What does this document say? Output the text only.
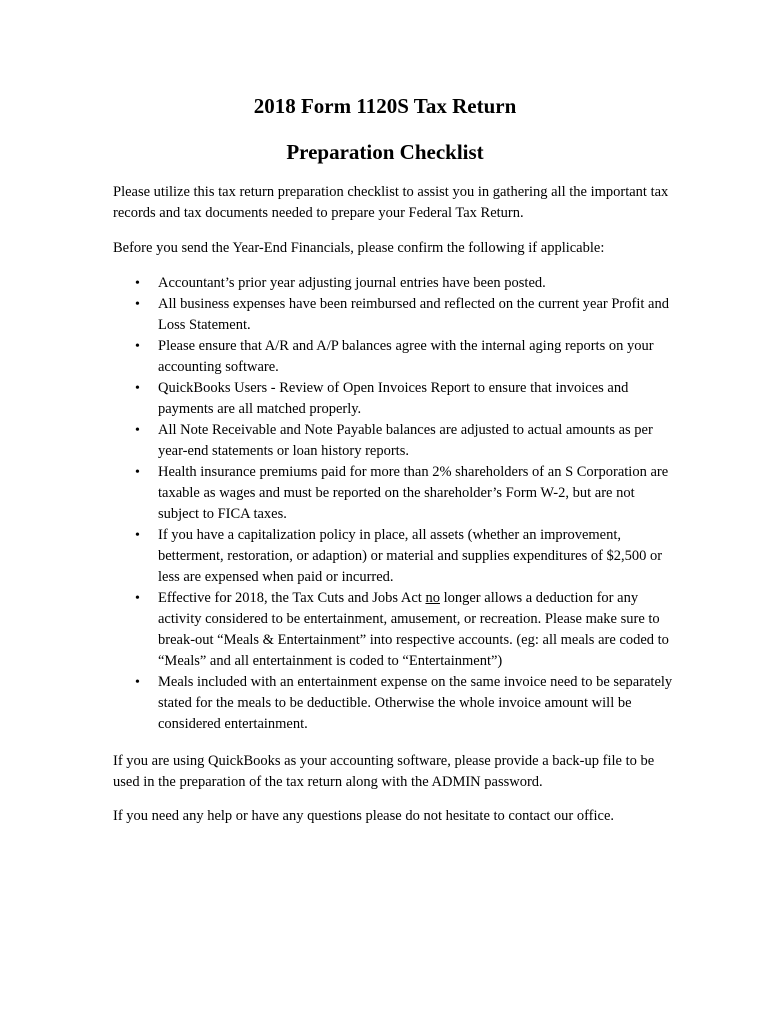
2018 Form 1120S Tax Return
Preparation Checklist

Please utilize this tax return preparation checklist to assist you in gathering all the important tax records and tax documents needed to prepare your Federal Tax Return.

Before you send the Year-End Financials, please confirm the following if applicable:

• Accountant’s prior year adjusting journal entries have been posted.
• All business expenses have been reimbursed and reflected on the current year Profit and Loss Statement.
• Please ensure that A/R and A/P balances agree with the internal aging reports on your accounting software.
• QuickBooks Users - Review of Open Invoices Report to ensure that invoices and payments are all matched properly.
• All Note Receivable and Note Payable balances are adjusted to actual amounts as per year-end statements or loan history reports.
• Health insurance premiums paid for more than 2% shareholders of an S Corporation are taxable as wages and must be reported on the shareholder’s Form W-2, but are not subject to FICA taxes.
• If you have a capitalization policy in place, all assets (whether an improvement, betterment, restoration, or adaption) or material and supplies expenditures of $2,500 or less are expensed when paid or incurred.
• Effective for 2018, the Tax Cuts and Jobs Act no longer allows a deduction for any activity considered to be entertainment, amusement, or recreation. Please make sure to break-out “Meals & Entertainment” into respective accounts. (eg: all meals are coded to “Meals” and all entertainment is coded to “Entertainment”)
• Meals included with an entertainment expense on the same invoice need to be separately stated for the meals to be deductible. Otherwise the whole invoice amount will be considered entertainment.

If you are using QuickBooks as your accounting software, please provide a back-up file to be used in the preparation of the tax return along with the ADMIN password.

If you need any help or have any questions please do not hesitate to contact our office.
